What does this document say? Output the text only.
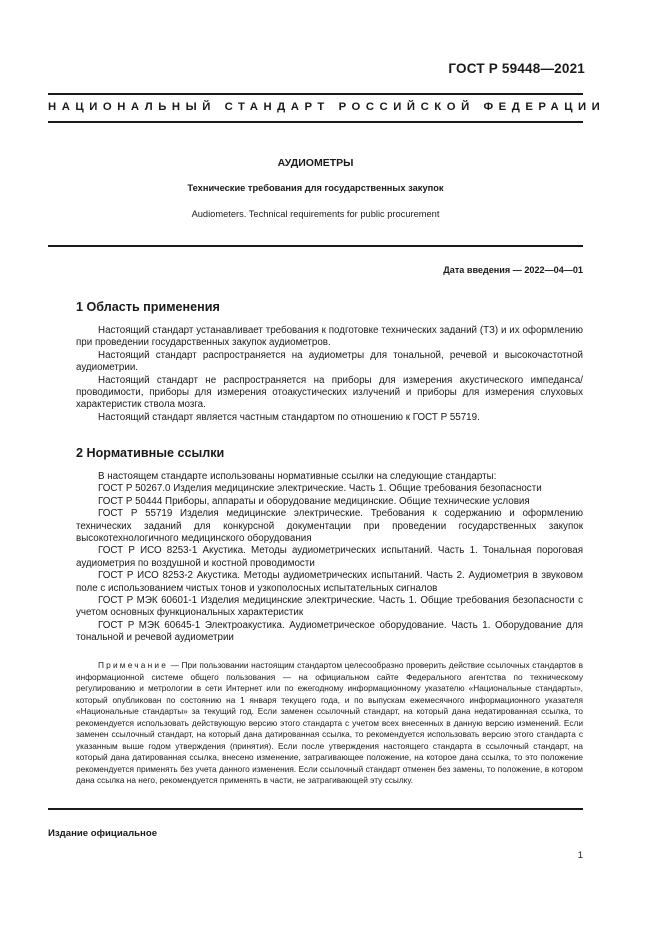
ГОСТ Р 59448—2021
НАЦИОНАЛЬНЫЙ СТАНДАРТ РОССИЙСКОЙ ФЕДЕРАЦИИ
АУДИОМЕТРЫ
Технические требования для государственных закупок
Audiometers. Technical requirements for public procurement
Дата введения — 2022—04—01
1 Область применения

Настоящий стандарт устанавливает требования к подготовке технических заданий (ТЗ) и их оформлению при проведении государственных закупок аудиометров.

Настоящий стандарт распространяется на аудиометры для тональной, речевой и высокочастотной аудиометрии.

Настоящий стандарт не распространяется на приборы для измерения акустического импеданса/проводимости, приборы для измерения отоакустических излучений и приборы для измерения слуховых характеристик ствола мозга.

Настоящий стандарт является частным стандартом по отношению к ГОСТ Р 55719.

2 Нормативные ссылки

В настоящем стандарте использованы нормативные ссылки на следующие стандарты:

ГОСТ Р 50267.0 Изделия медицинские электрические. Часть 1. Общие требования безопасности

ГОСТ Р 50444 Приборы, аппараты и оборудование медицинские. Общие технические условия

ГОСТ Р 55719 Изделия медицинские электрические. Требования к содержанию и оформлению технических заданий для конкурсной документации при проведении государственных закупок высокотехнологичного медицинского оборудования

ГОСТ Р ИСО 8253-1 Акустика. Методы аудиометрических испытаний. Часть 1. Тональная пороговая аудиометрия по воздушной и костной проводимости

ГОСТ Р ИСО 8253-2 Акустика. Методы аудиометрических испытаний. Часть 2. Аудиометрия в звуковом поле с использованием чистых тонов и узкополосных испытательных сигналов

ГОСТ Р МЭК 60601-1 Изделия медицинские электрические. Часть 1. Общие требования безопасности с учетом основных функциональных характеристик

ГОСТ Р МЭК 60645-1 Электроакустика. Аудиометрическое оборудование. Часть 1. Оборудование для тональной и речевой аудиометрии

Примечание — При пользовании настоящим стандартом целесообразно проверить действие ссылочных стандартов в информационной системе общего пользования — на официальном сайте Федерального агентства по техническому регулированию и метрологии в сети Интернет или по ежегодному информационному указателю «Национальные стандарты», который опубликован по состоянию на 1 января текущего года, и по выпускам ежемесячного информационного указателя «Национальные стандарты» за текущий год. Если заменен ссылочный стандарт, на который дана недатированная ссылка, то рекомендуется использовать действующую версию этого стандарта с учетом всех внесенных в данную версию изменений. Если заменен ссылочный стандарт, на который дана датированная ссылка, то рекомендуется использовать версию этого стандарта с указанным выше годом утверждения (принятия). Если после утверждения настоящего стандарта в ссылочный стандарт, на который дана датированная ссылка, внесено изменение, затрагивающее положение, на которое дана ссылка, то это положение рекомендуется применять без учета данного изменения. Если ссылочный стандарт отменен без замены, то положение, в котором дана ссылка на него, рекомендуется применять в части, не затрагивающей эту ссылку.

Издание официальное
1
